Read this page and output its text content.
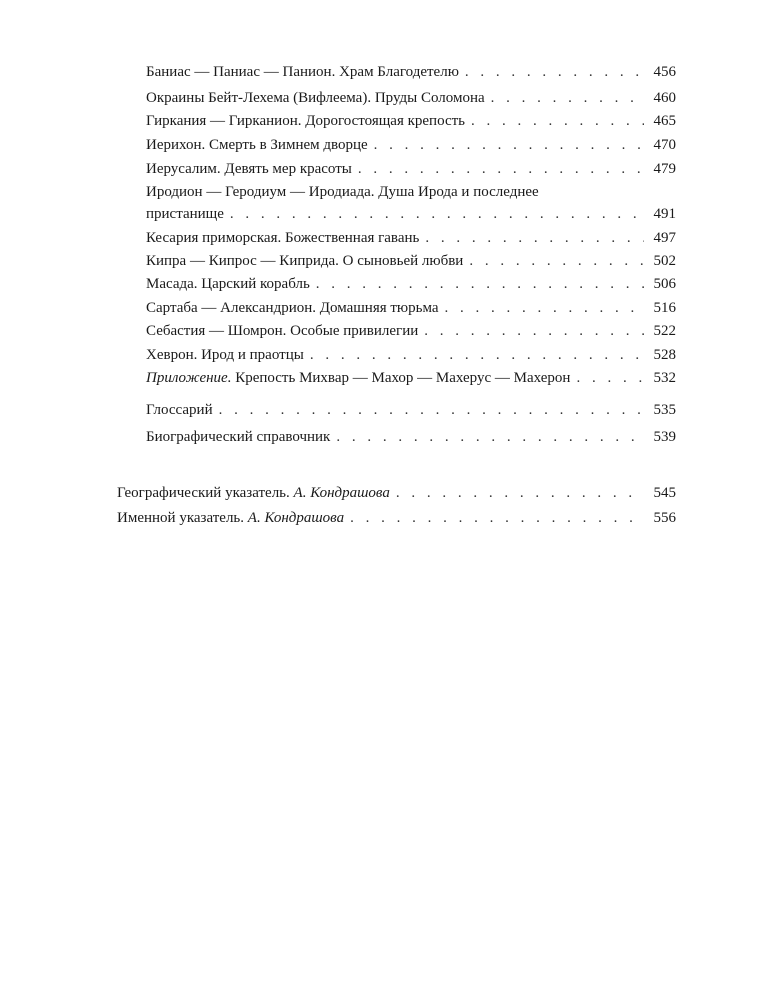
Баниас — Паниас — Панион. Храм Благодетелю . . .	456
Окраины Бейт-Лехема (Вифлеема). Пруды Соломона . . .	460
Гиркания — Гирканион. Дорогостоящая крепость . . .	465
Иерихон. Смерть в Зимнем дворце . . .	470
Иерусалим. Девять мер красоты . . .	479
Иродион — Геродиум — Иродиада. Душа Ирода и последнее
пристанище . . .	491
Кесария приморская. Божественная гавань . . .	497
Кипра — Кипрос — Киприда. О сыновьей любви . . .	502
Масада. Царский корабль . . .	506
Сартаба — Александрион. Домашняя тюрьма . . .	516
Себастия — Шомрон. Особые привилегии . . .	522
Хеврон. Ирод и праотцы . . .	528
Приложение. Крепость Михвар — Махор — Махерус — Махерон . . .	532
Глоссарий . . .	535
Биографический справочник . . .	539
Географический указатель. А. Кондрашова . . .	545
Именной указатель. А. Кондрашова . . .	556
